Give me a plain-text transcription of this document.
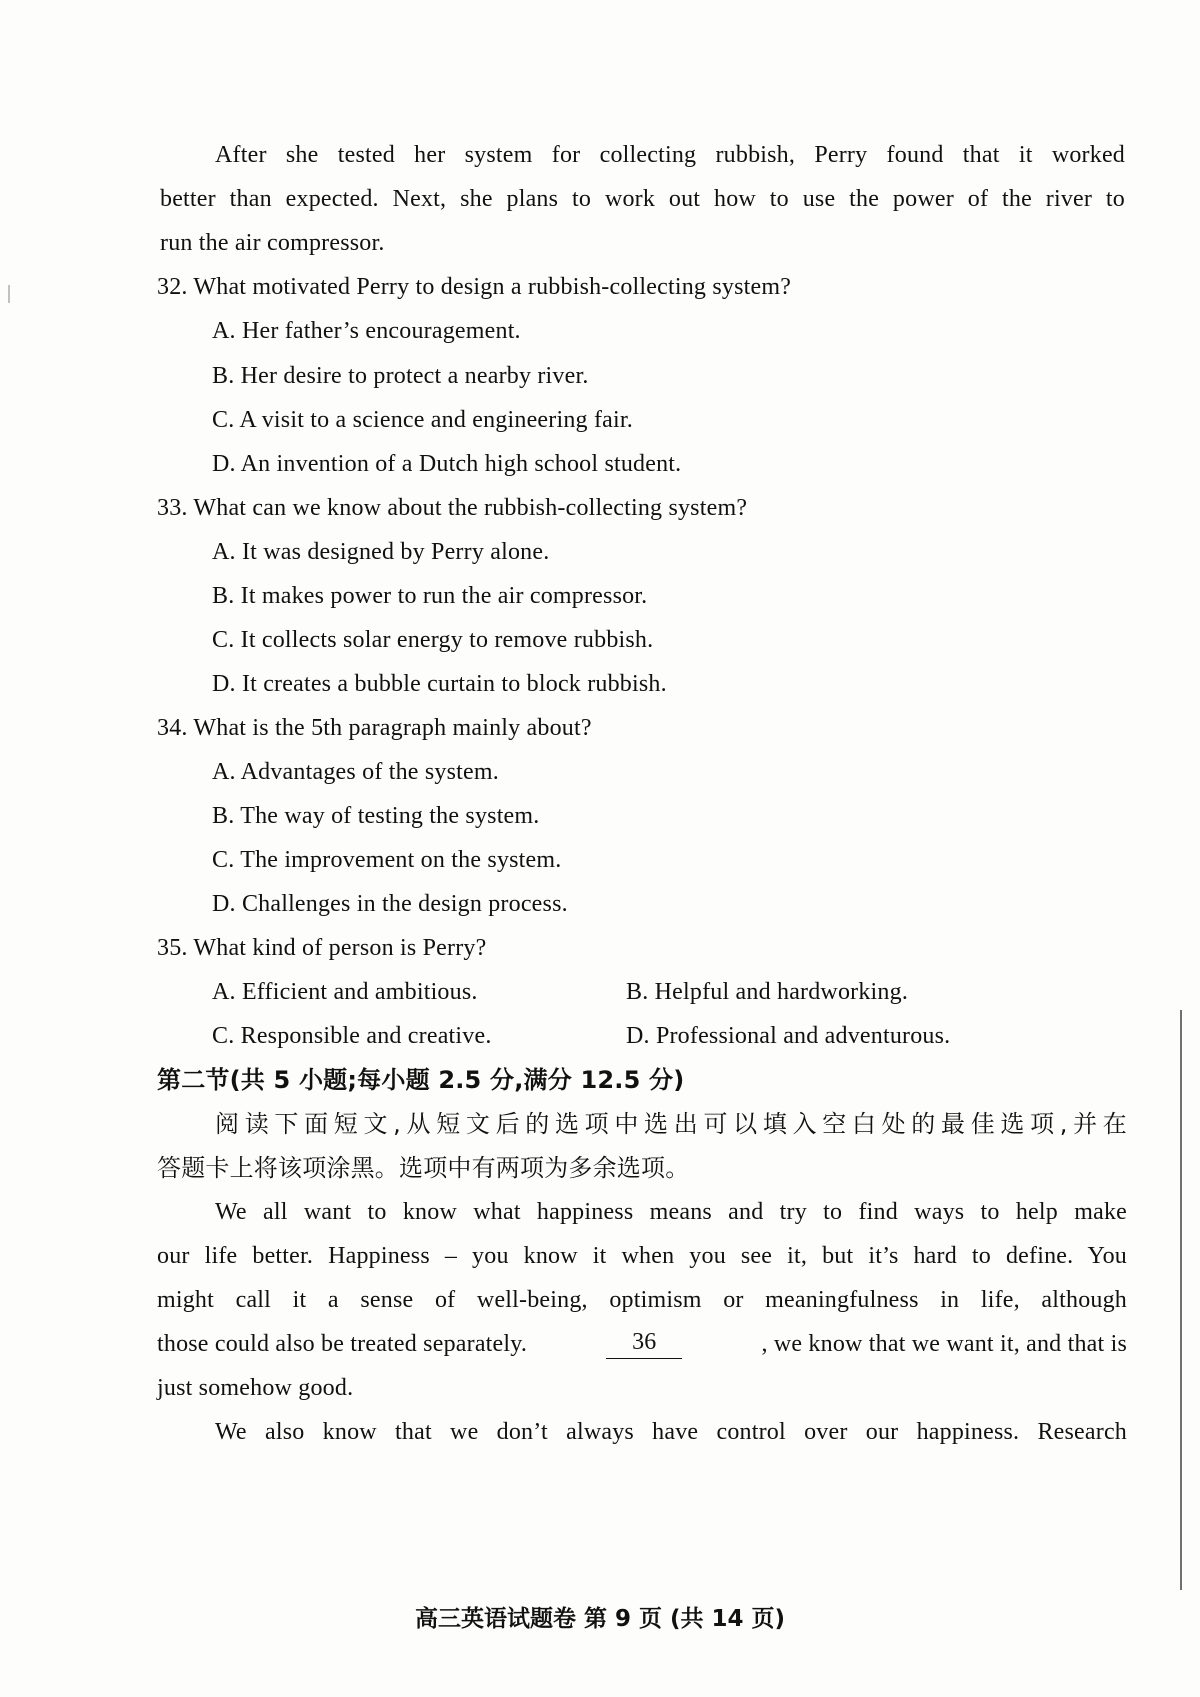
After she tested her system for collecting rubbish, Perry found that it worked
better than expected. Next, she plans to work out how to use the power of the river to
run the air compressor.
32. What motivated Perry to design a rubbish-collecting system?
A. Her father’s encouragement.
B. Her desire to protect a nearby river.
C. A visit to a science and engineering fair.
D. An invention of a Dutch high school student.
33. What can we know about the rubbish-collecting system?
A. It was designed by Perry alone.
B. It makes power to run the air compressor.
C. It collects solar energy to remove rubbish.
D. It creates a bubble curtain to block rubbish.
34. What is the 5th paragraph mainly about?
A. Advantages of the system.
B. The way of testing the system.
C. The improvement on the system.
D. Challenges in the design process.
35. What kind of person is Perry?
A. Efficient and ambitious.	B. Helpful and hardworking.
C. Responsible and creative.	D. Professional and adventurous.
第二节(共 5 小题;每小题 2.5 分,满分 12.5 分)
阅读下面短文,从短文后的选项中选出可以填入空白处的最佳选项,并在
答题卡上将该项涂黑。选项中有两项为多余选项。
We all want to know what happiness means and try to find ways to help make
our life better. Happiness – you know it when you see it, but it’s hard to define. You
might call it a sense of well-being, optimism or meaningfulness in life, although
those could also be treated separately.	36	, we know that we want it, and that is
just somehow good.
We also know that we don’t always have control over our happiness. Research
高三英语试题卷 第 9 页 (共 14 页)
